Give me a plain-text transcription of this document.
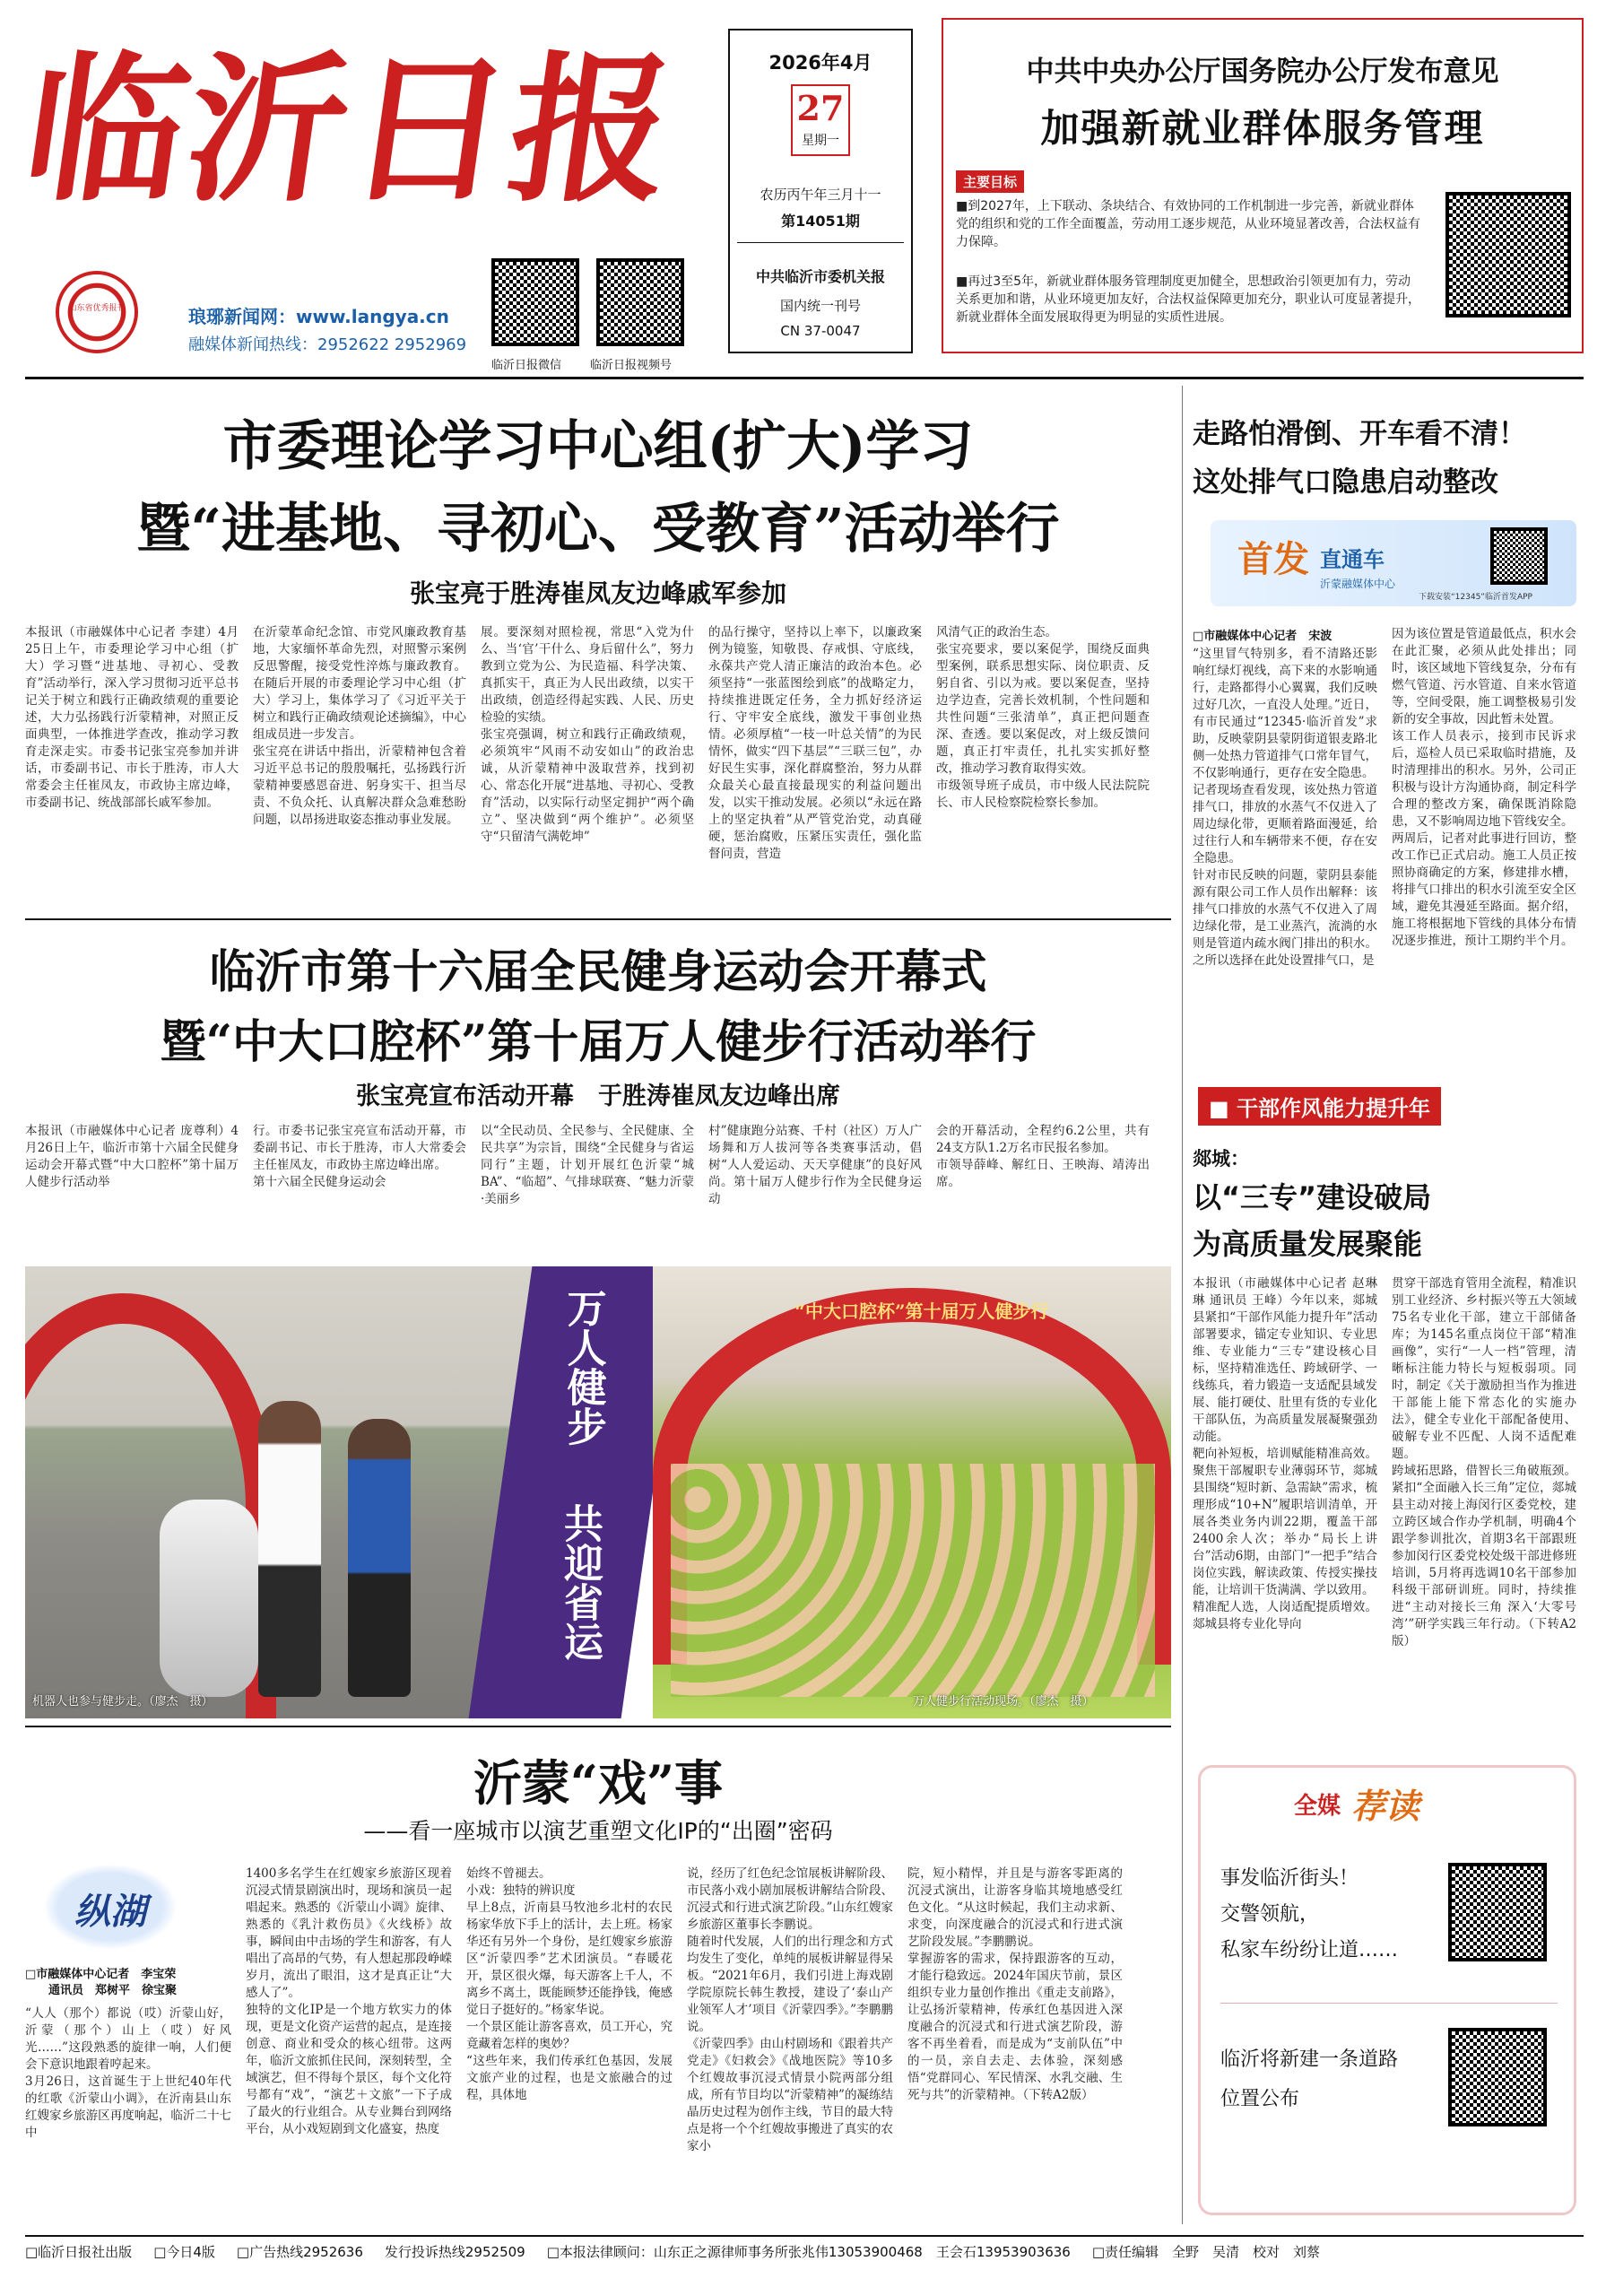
临沂日报
山东省优秀报刊	琅琊新闻网：www.langya.cn
融媒体新闻热线：2952622 2952969
临沂日报微信 临沂日报视频号
2026年4月
27
星期一
农历丙午年三月十一
第14051期
中共临沂市委机关报
国内统一刊号
CN 37-0047
中共中央办公厅国务院办公厅发布意见
加强新就业群体服务管理
主要目标
■到2027年，上下联动、条块结合、有效协同的工作机制进一步完善，新就业群体党的组织和党的工作全面覆盖，劳动用工逐步规范，从业环境显著改善，合法权益有力保障。
■再过3至5年，新就业群体服务管理制度更加健全，思想政治引领更加有力，劳动关系更加和谐，从业环境更加友好，合法权益保障更加充分，职业认可度显著提升，新就业群体全面发展取得更为明显的实质性进展。
市委理论学习中心组(扩大)学习
暨“进基地、寻初心、受教育”活动举行
张宝亮于胜涛崔凤友边峰戚军参加
本报讯（市融媒体中心记者 李建）4月25日上午，市委理论学习中心组（扩大）学习暨“进基地、寻初心、受教育”活动举行，深入学习贯彻习近平总书记关于树立和践行正确政绩观的重要论述，大力弘扬践行沂蒙精神，对照正反面典型，一体推进学查改，推动学习教育走深走实。市委书记张宝亮参加并讲话，市委副书记、市长于胜涛，市人大常委会主任崔凤友，市政协主席边峰，市委副书记、统战部部长戚军参加。
在沂蒙革命纪念馆、市党风廉政教育基地，大家缅怀革命先烈，对照警示案例反思警醒，接受党性淬炼与廉政教育。在随后开展的市委理论学习中心组（扩大）学习上，集体学习了《习近平关于树立和践行正确政绩观论述摘编》，中心组成员进一步发言。
张宝亮在讲话中指出，沂蒙精神包含着习近平总书记的殷殷嘱托，弘扬践行沂蒙精神要感恩奋进、躬身实干、担当尽责、不负众托、认真解决群众急难愁盼问题，以昂扬进取姿态推动事业发展。
展。要深刻对照检视，常思“入党为什么、当‘官’干什么、身后留什么”，努力教到立党为公、为民造福、科学决策、真抓实干，真正为人民出政绩，以实干出政绩，创造经得起实践、人民、历史检验的实绩。
张宝亮强调，树立和践行正确政绩观，必须筑牢“风雨不动安如山”的政治忠诚，从沂蒙精神中汲取营养，找到初心、常态化开展“进基地、寻初心、受教育”活动，以实际行动坚定拥护“两个确立”、坚决做到“两个维护”。必须坚守“只留清气满乾坤”
的品行操守，坚持以上率下，以廉政案例为镜鉴，知敬畏、存戒惧、守底线，永葆共产党人清正廉洁的政治本色。必须坚持“一张蓝图绘到底”的战略定力，持续推进既定任务，全力抓好经济运行、守牢安全底线，激发干事创业热情。必须厚植“一枝一叶总关情”的为民情怀，做实“四下基层”“三联三包”，办好民生实事，深化群腐整治，努力从群众最关心最直接最现实的利益问题出发，以实干推动发展。必须以“永远在路上的坚定执着”从严管党治党，动真碰硬，惩治腐败，压紧压实责任，强化监督问责，营造
风清气正的政治生态。
张宝亮要求，要以案促学，围绕反面典型案例，联系思想实际、岗位职责、反躬自省、引以为戒。要以案促查，坚持边学边查，完善长效机制，个性问题和共性问题“三张清单”，真正把问题查深、查透。要以案促改，对上级反馈问题，真正打牢责任，扎扎实实抓好整改，推动学习教育取得实效。
市级领导班子成员，市中级人民法院院长、市人民检察院检察长参加。
临沂市第十六届全民健身运动会开幕式
暨“中大口腔杯”第十届万人健步行活动举行
张宝亮宣布活动开幕　于胜涛崔凤友边峰出席
本报讯（市融媒体中心记者 庞尊利）4月26日上午，临沂市第十六届全民健身运动会开幕式暨“中大口腔杯”第十届万人健步行活动举
行。市委书记张宝亮宣布活动开幕，市委副书记、市长于胜涛，市人大常委会主任崔凤友，市政协主席边峰出席。
第十六届全民健身运动会
以“全民动员、全民参与、全民健康、全民共享”为宗旨，围绕“全民健身与省运同行”主题，计划开展红色沂蒙“城BA”、“临超”、气排球联赛、“魅力沂蒙·美丽乡
村”健康跑分站赛、千村（社区）万人广场舞和万人拔河等各类赛事活动，倡树“人人爱运动、天天享健康”的良好风尚。第十届万人健步行作为全民健身运动
会的开幕活动，全程约6.2公里，共有24支方队1.2万名市民报名参加。
市领导薛峰、解红日、王映海、靖涛出席。
机器人也参与健步走。（廖杰　摄）
万人健步
共迎省运
“中大口腔杯”第十届万人健步行
万人健步行活动现场。（廖杰　摄）
走路怕滑倒、开车看不清！
这处排气口隐患启动整改
首发 直通车
沂蒙融媒体中心
下载安装“12345”临沂首发APP
□市融媒体中心记者　宋波
“这里冒气特别多，看不清路还影响红绿灯视线，高下来的水影响通行，走路都得小心翼翼，我们反映过好几次，一直没人处理。”近日，有市民通过“12345·临沂首发”求助，反映蒙阴县蒙阴街道银麦路北侧一处热力管道排气口常年冒气，不仅影响通行，更存在安全隐患。
记者现场查看发现，该处热力管道排气口，排放的水蒸气不仅进入了周边绿化带，更顺着路面漫延，给过往行人和车辆带来不便，存在安全隐患。
针对市民反映的问题，蒙阴县泰能源有限公司工作人员作出解释：该排气口排放的水蒸气不仅进入了周边绿化带，是工业蒸汽，流淌的水则是管道内疏水阀门排出的积水。之所以选择在此处设置排气口，是
因为该位置是管道最低点，积水会在此汇聚，必须从此处排出；同时，该区域地下管线复杂，分布有燃气管道、污水管道、自来水管道等，空间受限，施工调整极易引发新的安全事故，因此暂未处置。
该工作人员表示，接到市民诉求后，巡检人员已采取临时措施，及时清理排出的积水。另外，公司正积极与设计方沟通协商，制定科学合理的整改方案，确保既消除隐患，又不影响周边地下管线安全。
两周后，记者对此事进行回访，整改工作已正式启动。施工人员正按照协商确定的方案，修建排水槽，将排气口排出的积水引流至安全区域，避免其漫延至路面。据介绍，施工将根据地下管线的具体分布情况逐步推进，预计工期约半个月。
■ 干部作风能力提升年
郯城：
以“三专”建设破局
为高质量发展聚能
本报讯（市融媒体中心记者 赵琳琳 通讯员 王峰）今年以来，郯城县紧扣“干部作风能力提升年”活动部署要求，锚定专业知识、专业思维、专业能力“三专”建设核心目标，坚持精准选任、跨域研学、一线练兵，着力锻造一支适配县域发展、能打硬仗、肚里有货的专业化干部队伍，为高质量发展凝聚强劲动能。
靶向补短板，培训赋能精准高效。聚焦干部履职专业薄弱环节，郯城县围绕“短时新、急需缺”需求，梳理形成“10+N”履职培训清单，开展各类业务内训22期，覆盖干部2400余人次；举办“局长上讲台”活动6期，由部门“一把手”结合岗位实践，解读政策、传授实操技能，让培训干货满满、学以致用。
精准配人选，人岗适配提质增效。郯城县将专业化导向
贯穿干部选育管用全流程，精准识别工业经济、乡村振兴等五大领域75名专业化干部，建立干部储备库；为145名重点岗位干部“精准画像”，实行“一人一档”管理，清晰标注能力特长与短板弱项。同时，制定《关于激励担当作为推进干部能上能下常态化的实施办法》，健全专业化干部配备使用、破解专业不匹配、人岗不适配难题。
跨域拓思路，借智长三角破瓶颈。紧扣“全面融入长三角”定位，郯城县主动对接上海闵行区委党校，建立跨区域合作办学机制，明确4个跟学参训批次，首期3名干部跟班参加闵行区委党校处级干部进修班培训，5月将再选调10名干部参加科级干部研训班。同时，持续推进“主动对接长三角 深入‘大零号湾’”研学实践三年行动。（下转A2版）
沂蒙“戏”事
——看一座城市以演艺重塑文化IP的“出圈”密码
纵湖
□市融媒体中心记者　李宝荣
通讯员　郑树平　徐宝聚
“人人（那个）都说（哎）沂蒙山好，沂蒙（那个）山上（哎）好风光……”这段熟悉的旋律一响，人们便会下意识地跟着哼起来。
3月26日，这首诞生于上世纪40年代的红歌《沂蒙山小调》，在沂南县山东红嫂家乡旅游区再度响起，临沂二十七中
1400多名学生在红嫂家乡旅游区现着沉浸式情景剧演出时，现场和演员一起唱起来。熟悉的《沂蒙山小调》旋律、熟悉的《乳汁救伤员》《火线桥》故事，瞬间由中击场的学生和游客，有人唱出了高昂的气势，有人想起那段峥嵘岁月，流出了眼泪，这才是真正让“大感人了”。
独特的文化IP是一个地方软实力的体现，更是文化资产运营的起点，是连接创意、商业和受众的核心纽带。这两年，临沂文旅抓住民间，深刻转型，全域演艺，但不得每个景区，每个文化符号都有“戏”，“演艺＋文旅”一下子成了最火的行业组合。从专业舞台到网络平台，从小戏短剧到文化盛宴，热度
始终不曾褪去。
小戏：独特的辨识度
早上8点，沂南县马牧池乡北村的农民杨家华放下手上的活计，去上班。杨家华还有另外一个身份，是红嫂家乡旅游区“沂蒙四季”艺术团演员。“春暖花开，景区很火爆，每天游客上千人，不离乡不离土，既能顾梦还能挣钱，俺感觉日子挺好的。”杨家华说。
一个景区能让游客喜欢，员工开心，究竟藏着怎样的奥妙？
“这些年来，我们传承红色基因，发展文旅产业的过程，也是文旅融合的过程，具体地
说，经历了红色纪念馆展板讲解阶段、市民落小戏小剧加展板讲解结合阶段、沉浸式和行进式演艺阶段。”山东红嫂家乡旅游区董事长李鹏说。
随着时代发展，人们的出行理念和方式均发生了变化，单纯的展板讲解显得呆板。“2021年6月，我们引进上海戏剧学院原院长韩生教授，建设了‘泰山产业领军人才’项目《沂蒙四季》。”李鹏鹏说。
《沂蒙四季》由山村剧场和《跟着共产党走》《妇救会》《战地医院》等10多个红嫂故事沉浸式情景小院两部分组成，所有节目均以“沂蒙精神”的凝练结晶历史过程为创作主线，节目的最大特点是将一个个红嫂故事搬进了真实的农家小
院，短小精悍，并且是与游客零距离的沉浸式演出，让游客身临其境地感受红色文化。“从这时候起，我们主动求新、求变，向深度融合的沉浸式和行进式演艺阶段发展。”李鹏鹏说。
掌握游客的需求，保持跟游客的互动，才能行稳致远。2024年国庆节前，景区组织专业力量创作推出《重走支前路》，让弘扬沂蒙精神，传承红色基因进入深度融合的沉浸式和行进式演艺阶段，游客不再坐着看，而是成为“支前队伍”中的一员，亲自去走、去体验，深刻感悟“党群同心、军民情深、水乳交融、生死与共”的沂蒙精神。（下转A2版）
全媒 荐读
事发临沂街头！
交警领航，
私家车纷纷让道……
临沂将新建一条道路
位置公布
□临沂日报社出版 □今日4版 □广告热线2952636 发行投诉热线2952509 □本报法律顾问：山东正之源律师事务所张兆伟13053900468　王会石13953903636 □责任编辑　全野　吴清　校对　刘蔡
